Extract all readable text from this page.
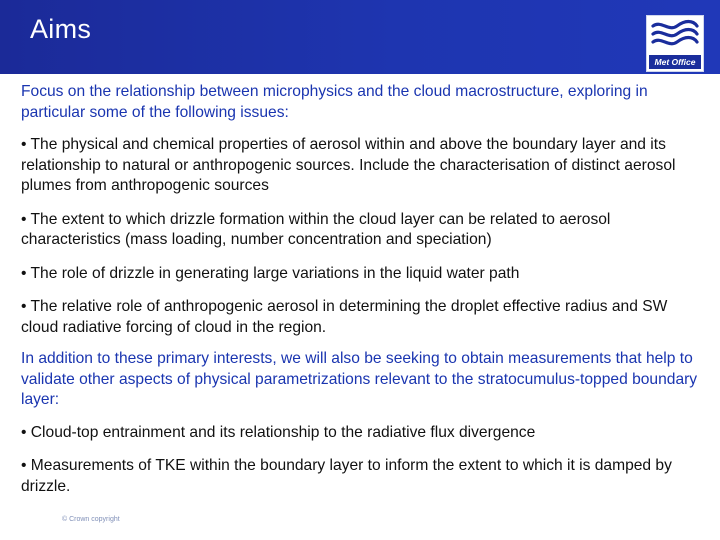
Aims
Met Office

Focus on the relationship between microphysics and the cloud macrostructure, exploring in particular some of the following issues:

• The physical and chemical properties of aerosol within and above the boundary layer and its relationship to natural or anthropogenic sources. Include the characterisation of distinct aerosol plumes from anthropogenic sources

• The extent to which drizzle formation within the cloud layer can be related to aerosol characteristics (mass loading, number concentration and speciation)

• The role of drizzle in generating large variations in the liquid water path

• The relative role of anthropogenic aerosol in determining the droplet effective radius and SW cloud radiative forcing of cloud in the region.

In addition to these primary interests, we will also be seeking to obtain measurements that help to validate other aspects of physical parametrizations relevant to the stratocumulus-topped boundary layer:

• Cloud-top entrainment and its relationship to the radiative flux divergence

• Measurements of TKE within the boundary layer to inform the extent to which it is damped by drizzle.

© Crown copyright
